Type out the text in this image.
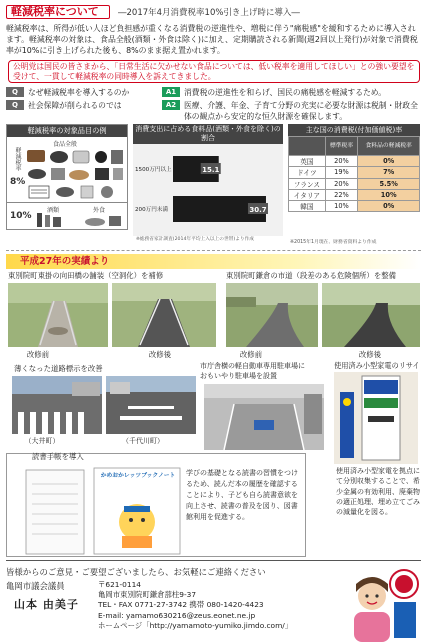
軽減税率について	―2017年4月消費税率10%引き上げ時に導入―
軽減税率は、所得が低い人ほど負担感が重くなる消費税の逆進性や、増税に伴う"痛税感"を緩和するために導入されます。軽減税率の対象は、食品全般(酒類・外食は除く)に加え、定期購読される新聞(週2回以上発行)が対象で消費税率が10%に引き上げられた後も、8%のまま据え置かれます。
公明党は国民の皆さまから、「日常生活に欠かせない食品については、低い税率を適用してほしい」との強い要望を受けて、一貫して軽減税率の同時導入を訴えてきました。
Q なぜ軽減税率を導入するのか
Q 社会保障が削られるのでは
A1 消費税の逆進性を和らげ、国民の痛税感を軽減するため。
A2	医療、介護、年金、子育て分野の充実に必要な財源は税制・財政全体の観点から安定的な恒久財源を確保します。
軽減税率の対象品目の例
食品全般
軽減税率
8%
10%
酒類	外食
消費支出に占める食料品(酒類・外食を除く)の割合
1500万円以上	15.1
200万円未満	30.7
※総務省家計調査(2014年平均上入以上の世帯)より作成
主な国の消費税(付加価値税)率
	標準税率	食料品の軽減税率
英国	20%	0%
ドイツ	19%	7%
フランス	20%	5.5%
イタリア	22%	10%
韓国	10%	0%
※2015年1月現在、財務省資料より作成
平成27年の実績より
東別院町東掛の向田橋の舗装（空洞化）を補修	東別院町鎌倉の市道（段差のある危険個所）を整備
改修前	改修後	改修前	改修後
薄くなった道路標示を改善	市庁舎横の軽自動車専用駐車場におもいやり駐車場を設置
使用済み小型家電のリサイ
（大井町）	（千代川町）
使用済み小型家電を拠点にて分別収集することで、希少金属の有効利用、廃棄物の適正処理、埋め立てごみの減量化を図る。
読書手帳を導入
かめおかレッツブックノート	学びの基礎となる読書の習慣をつけるため、読んだ本の履歴を確認することにより、子ども自ら読書意欲を向上させ、読書の普及を図り、図書館利用を促進する。
皆様からのご意見・ご要望ございましたら、お気軽にご連絡ください
亀岡市議会議員
山本 由美子
〒621-0114
亀岡市東別院町鎌倉蔀柱9-37
TEL・FAX 0771-27-3742 携帯 080-1420-4423
E-mail: yamamo630216@zeus.eonet.ne.jp
ホームページ「http://yamamoto-yumiko.jimdo.com/」
